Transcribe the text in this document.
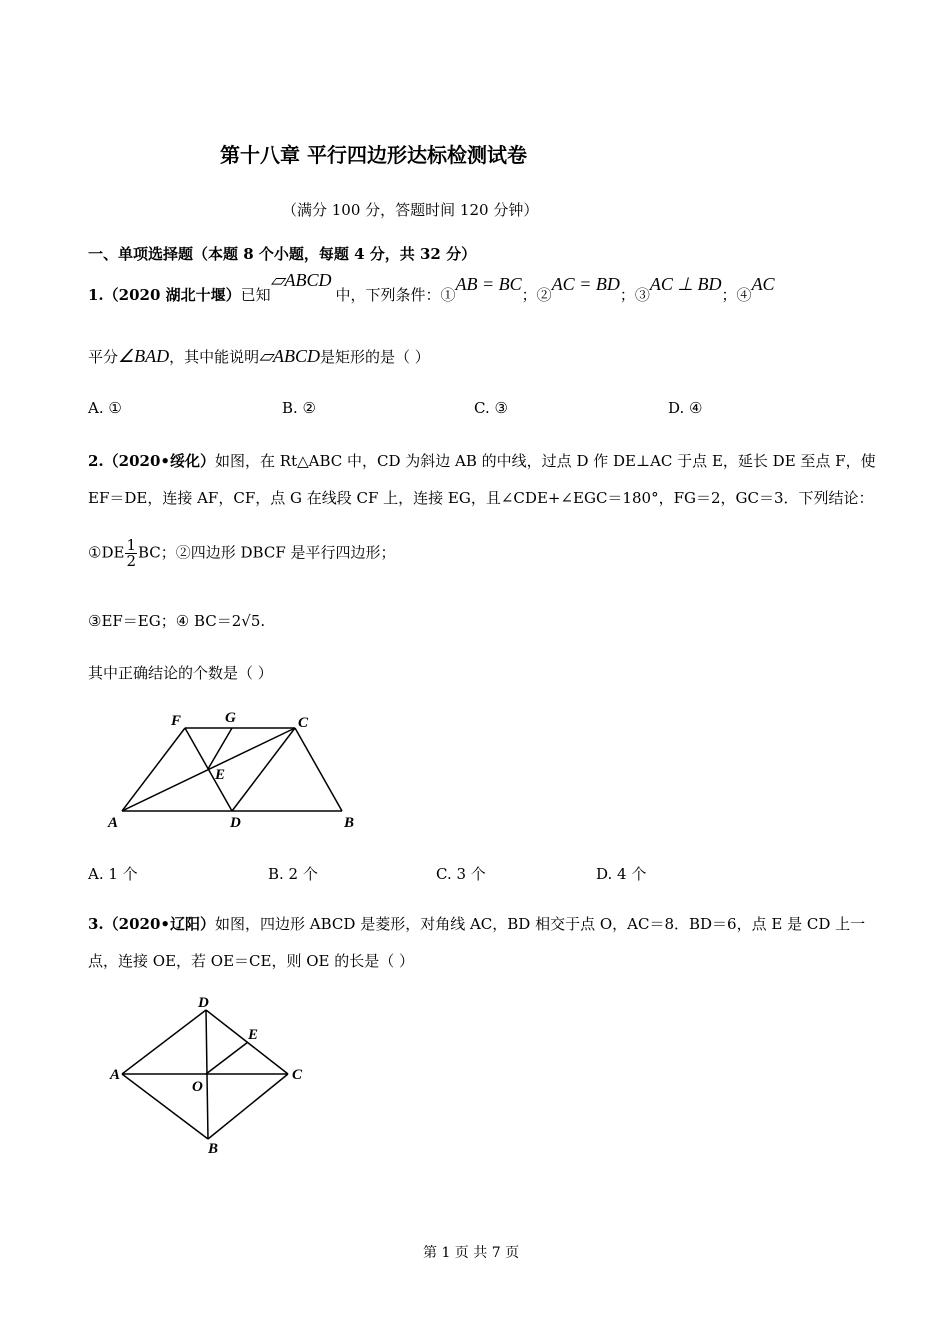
第十八章 平行四边形达标检测试卷
（满分 100 分，答题时间 120 分钟）
一、单项选择题（本题 8 个小题，每题 4 分，共 32 分）
1.（2020 湖北十堰）已知▱ABCD中，下列条件：①AB = BC；②AC = BD；③AC ⊥ BD；④AC
平分∠BAD，其中能说明▱ABCD是矩形的是（ ）
A. ①	B. ②	C. ③	D. ④
2.（2020•绥化）如图，在 Rt△ABC 中，CD 为斜边 AB 的中线，过点 D 作 DE⊥AC 于点 E，延长 DE 至点 F，使
EF＝DE，连接 AF，CF，点 G 在线段 CF 上，连接 EG，且∠CDE+∠EGC＝180°，FG＝2，GC＝3．下列结论：
①DE $\frac{1}{2}$ BC；②四边形 DBCF 是平行四边形；
③EF＝EG；④ BC＝2√5.
其中正确结论的个数是（ ）
F	G	C
E
A	D	B
A. 1 个	B. 2 个	C. 3 个	D. 4 个
3.（2020•辽阳）如图，四边形 ABCD 是菱形，对角线 AC，BD 相交于点 O，AC＝8．BD＝6，点 E 是 CD 上一
点，连接 OE，若 OE＝CE，则 OE 的长是（ ）
D
E
A
O
C
B
第 1 页 共 7 页
